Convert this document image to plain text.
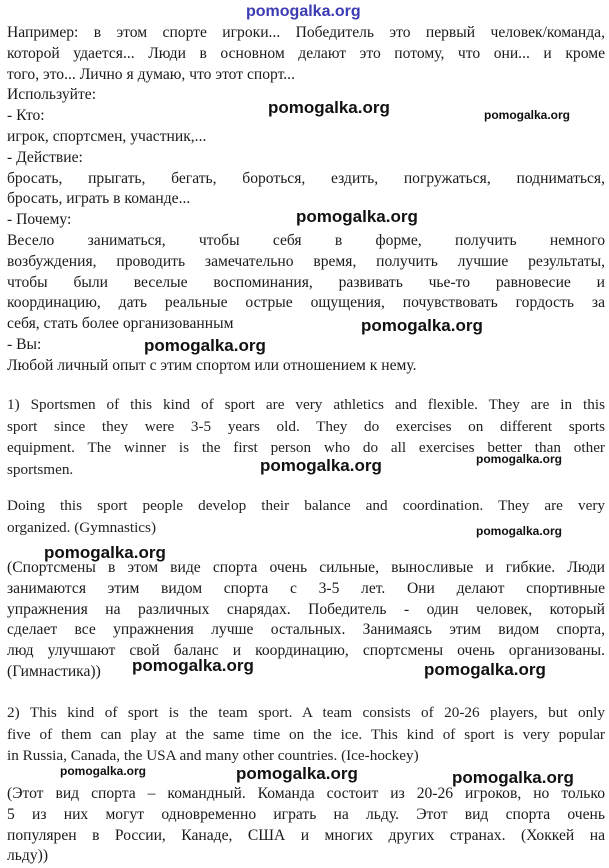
pomogalka.org
pomogalka.org	pomogalka.org
pomogalka.org
pomogalka.org
pomogalka.org
pomogalka.org	pomogalka.org
pomogalka.org
pomogalka.org
pomogalka.org	pomogalka.org
pomogalka.org	pomogalka.org	pomogalka.org
Например: в этом спорте игроки... Победитель это первый человек/команда,
которой удается... Люди в основном делают это потому, что они... и кроме
того, это... Лично я думаю, что этот спорт...
Используйте:
- Кто:
игрок, спортсмен, участник,...
- Действие:
бросать, прыгать, бегать, бороться, ездить, погружаться, подниматься,
бросать, играть в команде...
- Почему:
Весело заниматься, чтобы себя в форме, получить немного
возбуждения, проводить замечательно время, получить лучшие результаты,
чтобы были веселые воспоминания, развивать чье-то равновесие и
координацию, дать реальные острые ощущения, почувствовать гордость за
себя, стать более организованным
- Вы:
Любой личный опыт с этим спортом или отношением к нему.
1) Sportsmen of this kind of sport are very athletics and flexible. They are in this
sport since they were 3-5 years old. They do exercises on different sports
equipment. The winner is the first person who do all exercises better than other
sportsmen.
Doing this sport people develop their balance and coordination. They are very
organized. (Gymnastics)
(Спортсмены в этом виде спорта очень сильные, выносливые и гибкие. Люди
занимаются этим видом спорта с 3-5 лет. Они делают спортивные
упражнения на различных снарядах. Победитель - один человек, который
сделает все упражнения лучше остальных. Занимаясь этим видом спорта,
люд улучшают свой баланс и координацию, спортсмены очень организованы.
(Гимнастика))
2) This kind of sport is the team sport. A team consists of 20-26 players, but only
five of them can play at the same time on the ice. This kind of sport is very popular
in Russia, Canada, the USA and many other countries. (Ice-hockey)
(Этот вид спорта – командный. Команда состоит из 20-26 игроков, но только
5 из них могут одновременно играть на льду. Этот вид спорта очень
популярен в России, Канаде, США и многих других странах. (Хоккей на
льду))
